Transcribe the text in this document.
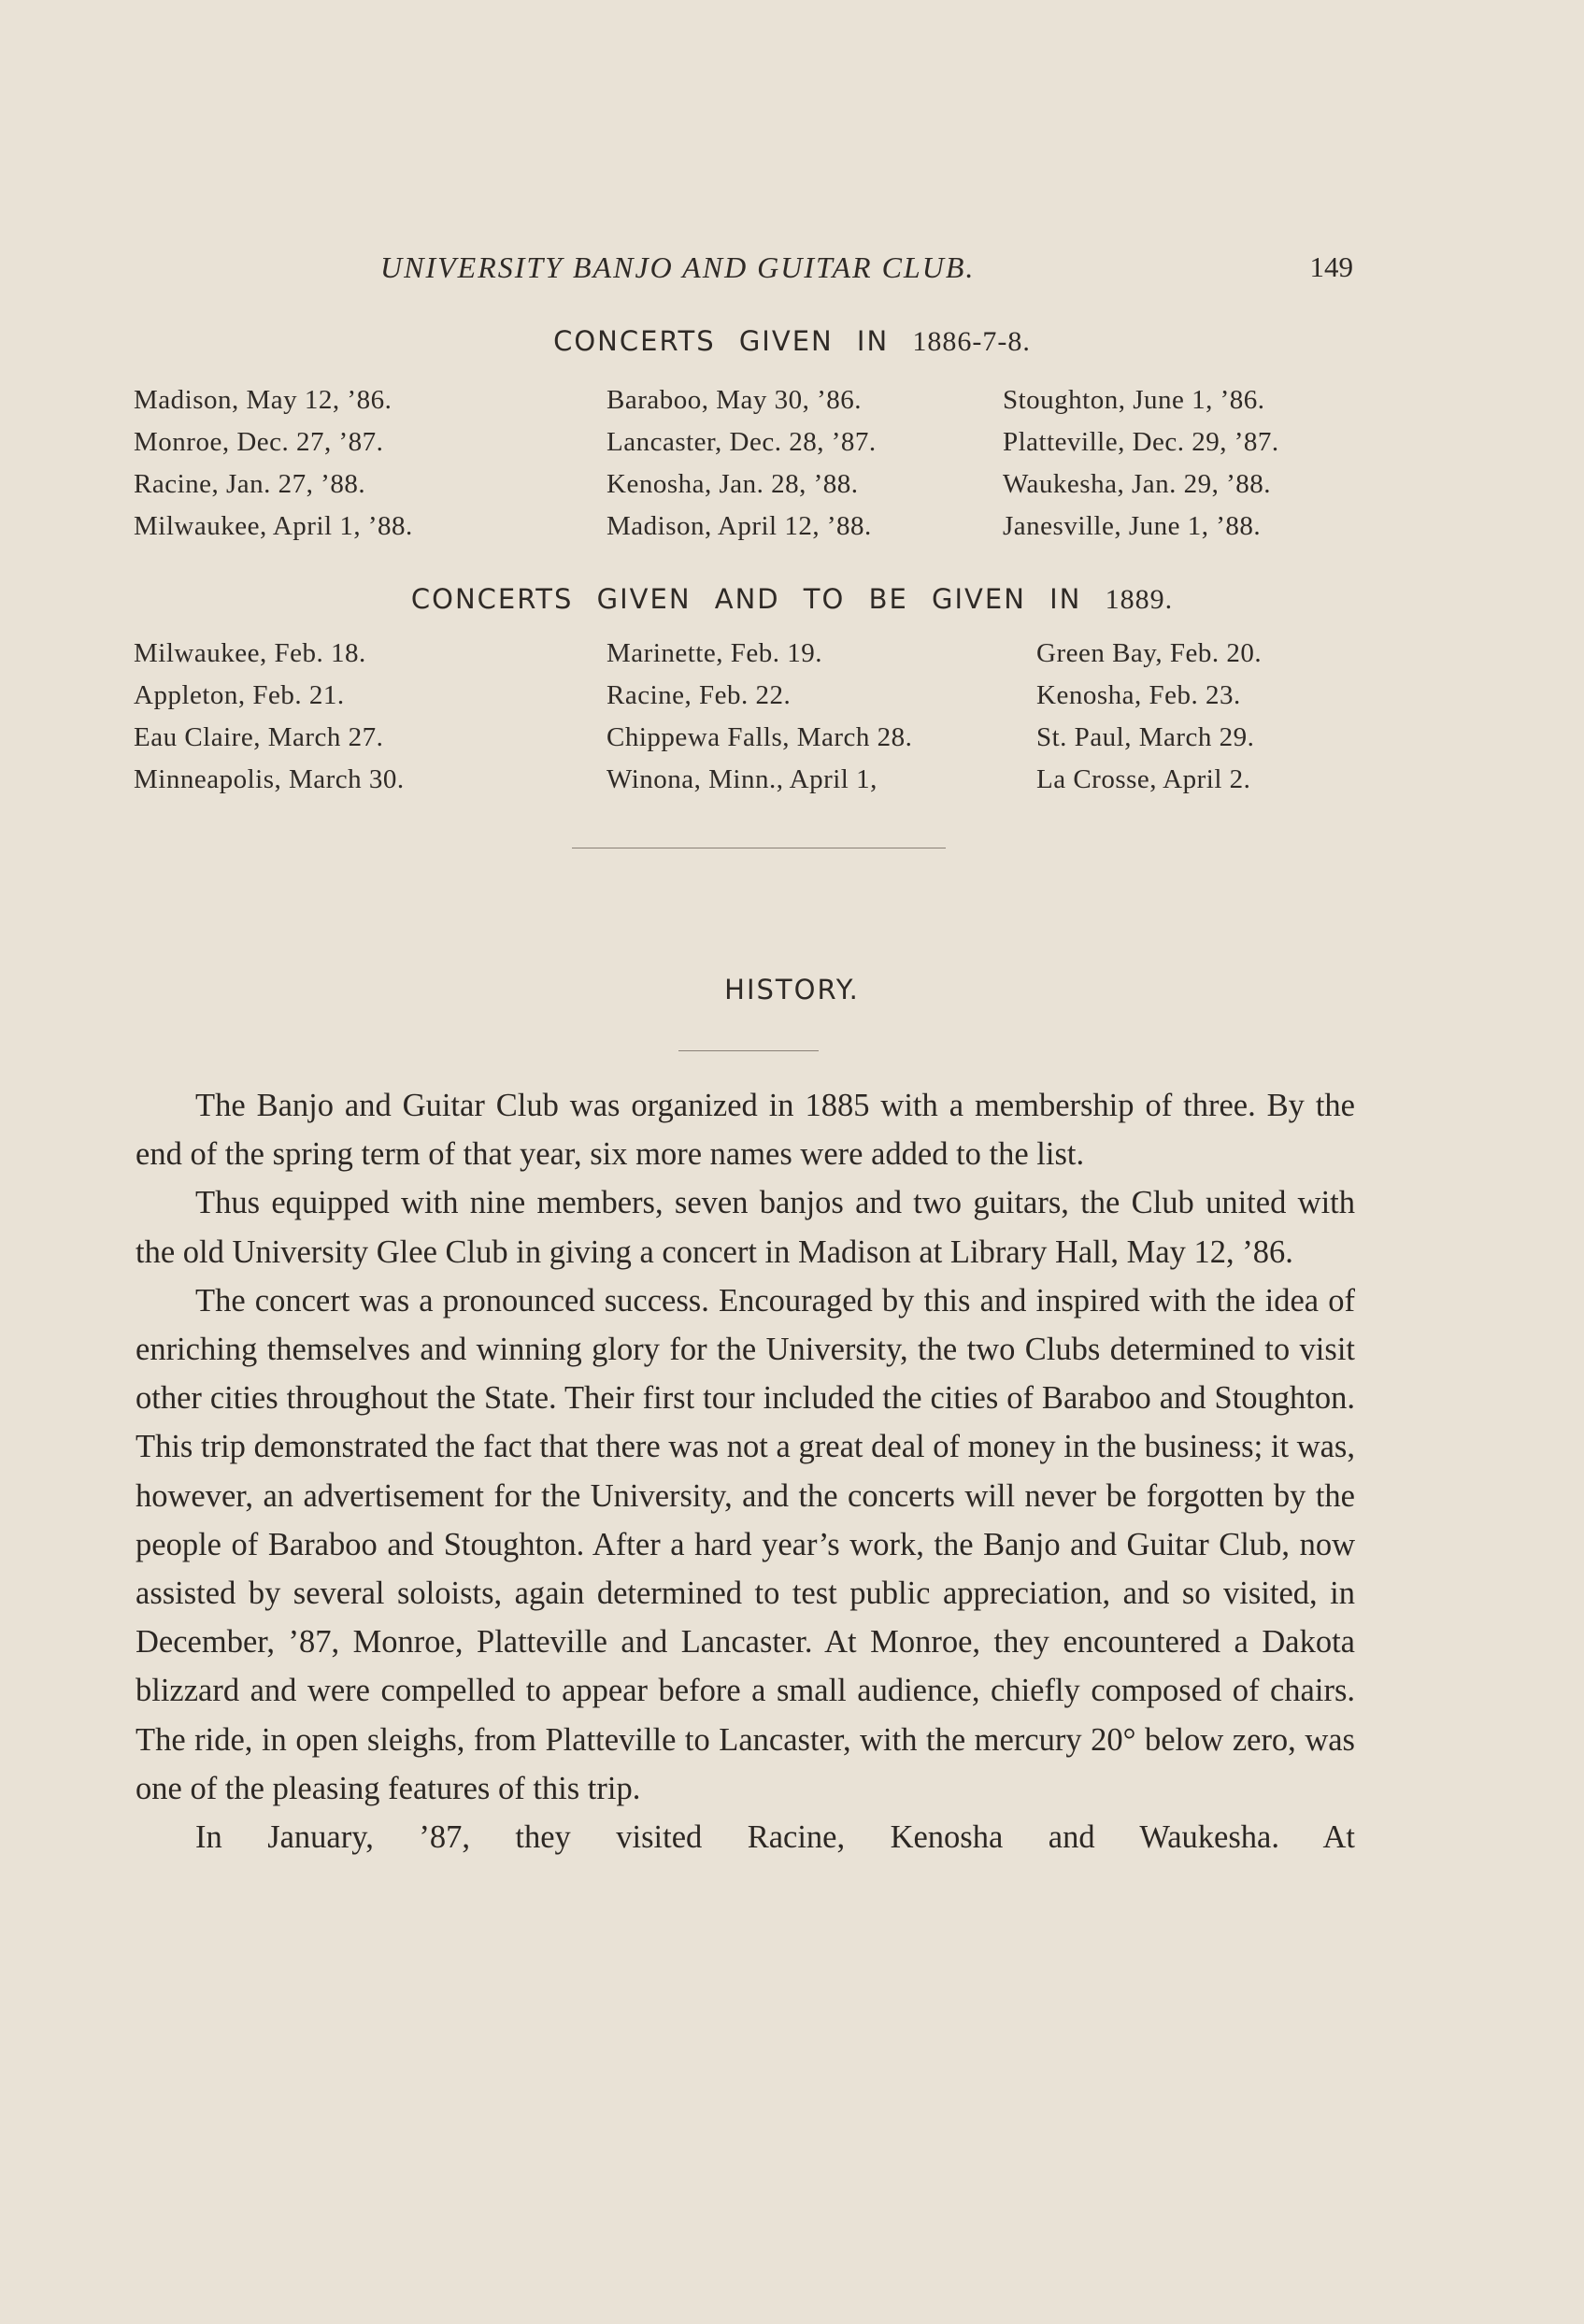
UNIVERSITY BANJO AND GUITAR CLUB.	149
CONCERTS GIVEN IN 1886-7-8.
Madison, May 12, ’86.	Baraboo, May 30, ’86.	Stoughton, June 1, ’86.
Monroe, Dec. 27, ’87.	Lancaster, Dec. 28, ’87.	Platteville, Dec. 29, ’87.
Racine, Jan. 27, ’88.	Kenosha, Jan. 28, ’88.	Waukesha, Jan. 29, ’88.
Milwaukee, April 1, ’88.	Madison, April 12, ’88.	Janesville, June 1, ’88.
CONCERTS GIVEN AND TO BE GIVEN IN 1889.
Milwaukee, Feb. 18.	Marinette, Feb. 19.	Green Bay, Feb. 20.
Appleton, Feb. 21.	Racine, Feb. 22.	Kenosha, Feb. 23.
Eau Claire, March 27.	Chippewa Falls, March 28.	St. Paul, March 29.
Minneapolis, March 30.	Winona, Minn., April 1,	La Crosse, April 2.
HISTORY.

The Banjo and Guitar Club was organized in 1885 with a membership of three. By the end of the spring term of that year, six more names were added to the list.

Thus equipped with nine members, seven banjos and two guitars, the Club united with the old University Glee Club in giving a concert in Madison at Library Hall, May 12, ’86.

The concert was a pronounced success. Encouraged by this and inspired with the idea of enriching themselves and winning glory for the University, the two Clubs determined to visit other cities throughout the State. Their first tour included the cities of Baraboo and Stoughton. This trip demonstrated the fact that there was not a great deal of money in the business; it was, however, an advertisement for the University, and the concerts will never be forgotten by the people of Baraboo and Stoughton. After a hard year’s work, the Banjo and Guitar Club, now assisted by several soloists, again determined to test public appreciation, and so visited, in December, ’87, Monroe, Platteville and Lancaster. At Monroe, they encountered a Dakota blizzard and were compelled to appear before a small audience, chiefly composed of chairs. The ride, in open sleighs, from Platteville to Lancaster, with the mercury 20° below zero, was one of the pleasing features of this trip.

In January, ’87, they visited Racine, Kenosha and Waukesha. At
